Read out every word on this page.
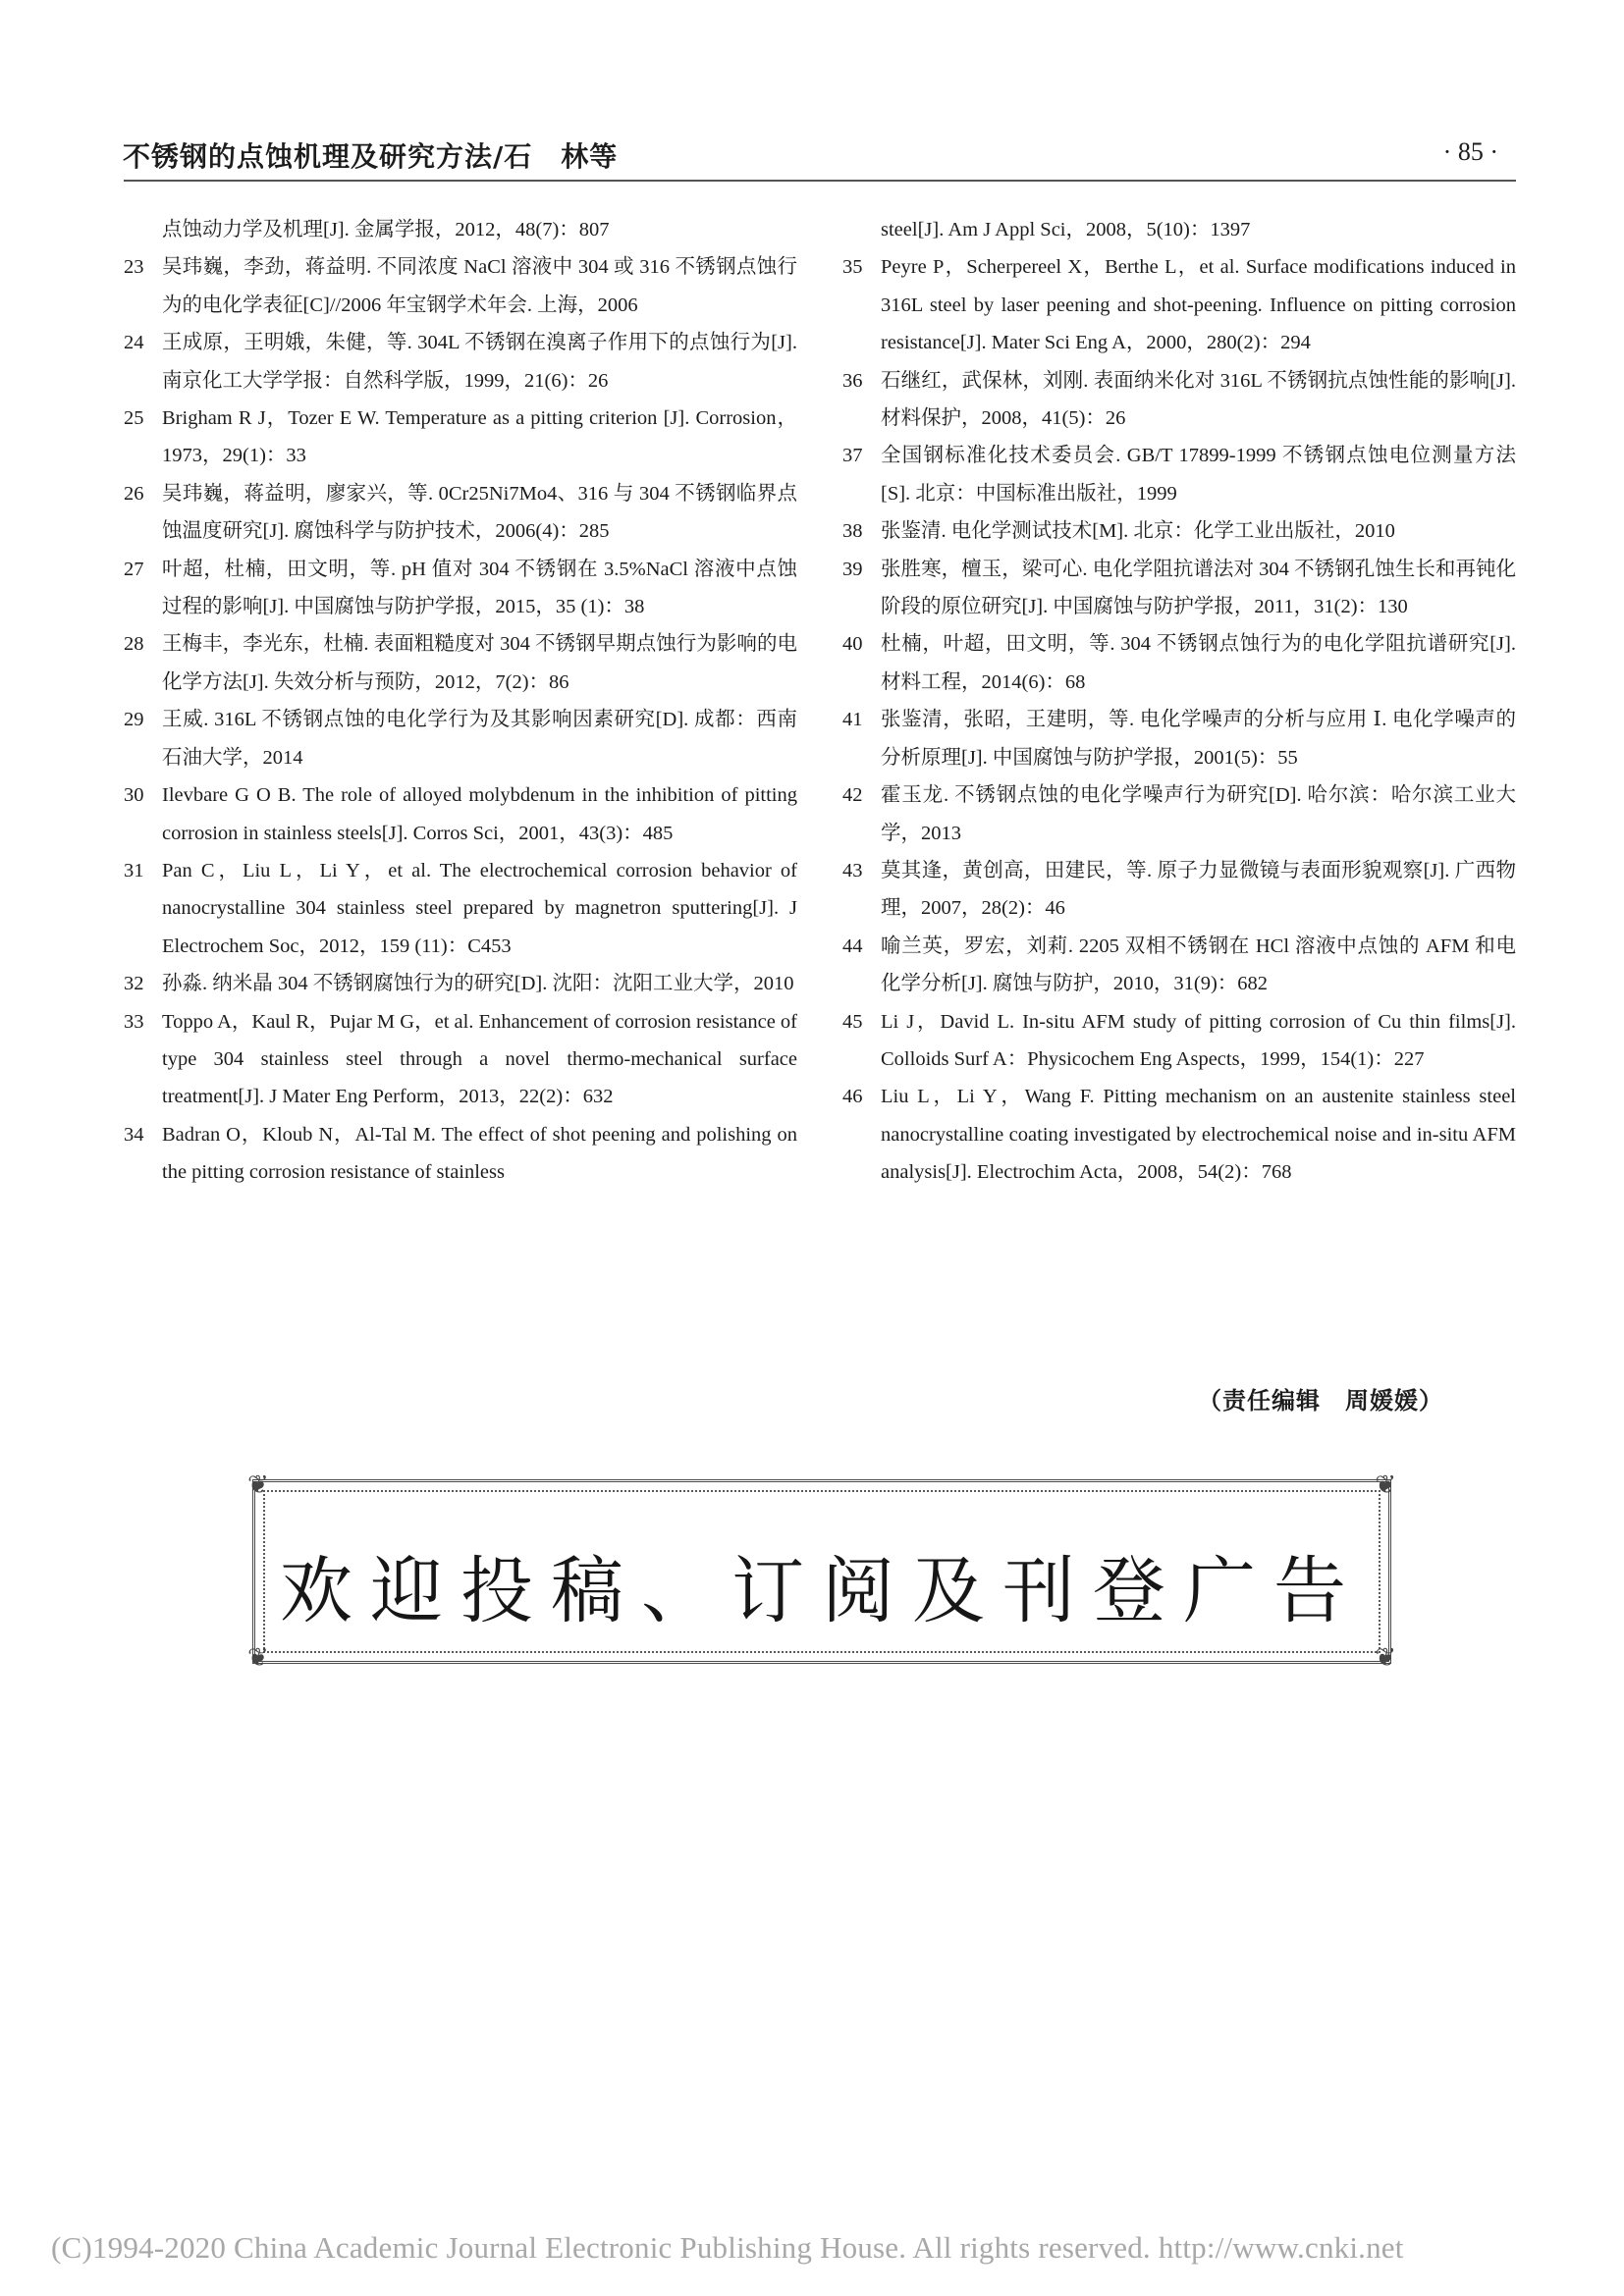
不锈钢的点蚀机理及研究方法/石　林等	· 85 ·
点蚀动力学及机理[J]. 金属学报，2012，48(7)：807
23 吴玮巍，李劲，蒋益明. 不同浓度 NaCl 溶液中 304 或 316 不锈钢点蚀行为的电化学表征[C]//2006 年宝钢学术年会. 上海，2006
24 王成原，王明娥，朱健，等. 304L 不锈钢在溴离子作用下的点蚀行为[J]. 南京化工大学学报：自然科学版，1999，21(6)：26
25 Brigham R J，Tozer E W. Temperature as a pitting criterion [J]. Corrosion，1973，29(1)：33
26 吴玮巍，蒋益明，廖家兴，等. 0Cr25Ni7Mo4、316 与 304 不锈钢临界点蚀温度研究[J]. 腐蚀科学与防护技术，2006(4)：285
27 叶超，杜楠，田文明，等. pH 值对 304 不锈钢在 3.5%NaCl 溶液中点蚀过程的影响[J]. 中国腐蚀与防护学报，2015，35 (1)：38
28 王梅丰，李光东，杜楠. 表面粗糙度对 304 不锈钢早期点蚀行为影响的电化学方法[J]. 失效分析与预防，2012，7(2)：86
29 王威. 316L 不锈钢点蚀的电化学行为及其影响因素研究[D]. 成都：西南石油大学，2014
30 Ilevbare G O B. The role of alloyed molybdenum in the inhibition of pitting corrosion in stainless steels[J]. Corros Sci，2001，43(3)：485
31 Pan C，Liu L，Li Y，et al. The electrochemical corrosion behavior of nanocrystalline 304 stainless steel prepared by magnetron sputtering[J]. J Electrochem Soc，2012，159 (11)：C453
32 孙淼. 纳米晶 304 不锈钢腐蚀行为的研究[D]. 沈阳：沈阳工业大学，2010
33 Toppo A，Kaul R，Pujar M G，et al. Enhancement of corrosion resistance of type 304 stainless steel through a novel thermo-mechanical surface treatment[J]. J Mater Eng Perform，2013，22(2)：632
34 Badran O，Kloub N，Al-Tal M. The effect of shot peening and polishing on the pitting corrosion resistance of stainless
steel[J]. Am J Appl Sci，2008，5(10)：1397
35 Peyre P，Scherpereel X，Berthe L，et al. Surface modifications induced in 316L steel by laser peening and shot-peening. Influence on pitting corrosion resistance[J]. Mater Sci Eng A，2000，280(2)：294
36 石继红，武保林，刘刚. 表面纳米化对 316L 不锈钢抗点蚀性能的影响[J]. 材料保护，2008，41(5)：26
37 全国钢标准化技术委员会. GB/T 17899-1999 不锈钢点蚀电位测量方法[S]. 北京：中国标准出版社，1999
38 张鉴清. 电化学测试技术[M]. 北京：化学工业出版社，2010
39 张胜寒，檀玉，梁可心. 电化学阻抗谱法对 304 不锈钢孔蚀生长和再钝化阶段的原位研究[J]. 中国腐蚀与防护学报，2011，31(2)：130
40 杜楠，叶超，田文明，等. 304 不锈钢点蚀行为的电化学阻抗谱研究[J]. 材料工程，2014(6)：68
41 张鉴清，张昭，王建明，等. 电化学噪声的分析与应用 Ⅰ. 电化学噪声的分析原理[J]. 中国腐蚀与防护学报，2001(5)：55
42 霍玉龙. 不锈钢点蚀的电化学噪声行为研究[D]. 哈尔滨：哈尔滨工业大学，2013
43 莫其逢，黄创高，田建民，等. 原子力显微镜与表面形貌观察[J]. 广西物理，2007，28(2)：46
44 喻兰英，罗宏，刘莉. 2205 双相不锈钢在 HCl 溶液中点蚀的 AFM 和电化学分析[J]. 腐蚀与防护，2010，31(9)：682
45 Li J，David L. In-situ AFM study of pitting corrosion of Cu thin films[J]. Colloids Surf A：Physicochem Eng Aspects，1999，154(1)：227
46 Liu L，Li Y，Wang F. Pitting mechanism on an austenite stainless steel nanocrystalline coating investigated by electrochemical noise and in-situ AFM analysis[J]. Electrochim Acta，2008，54(2)：768
（责任编辑　周媛媛）
❦	❦
❦	❦
欢迎投稿、订阅及刊登广告
(C)1994-2020 China Academic Journal Electronic Publishing House. All rights reserved. http://www.cnki.net
